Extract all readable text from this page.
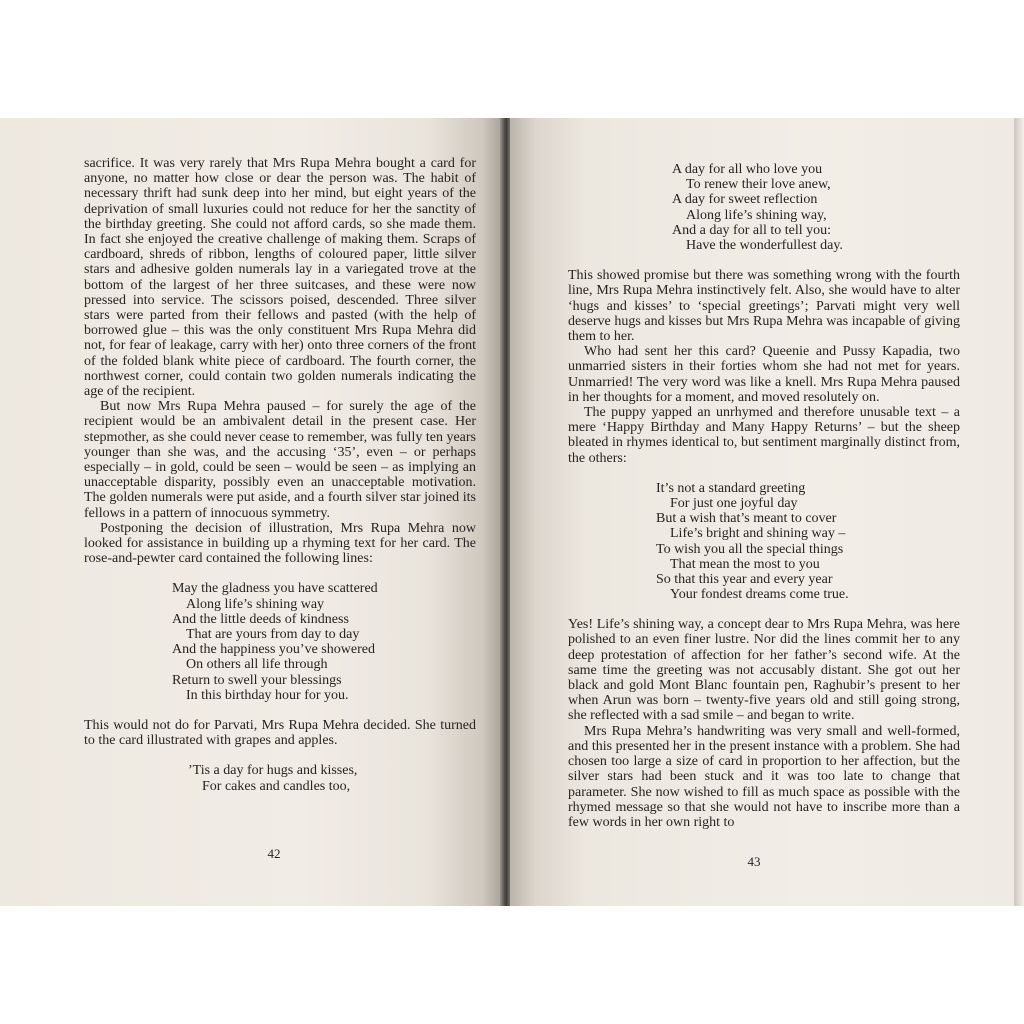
sacrifice. It was very rarely that Mrs Rupa Mehra bought a card for anyone, no matter how close or dear the person was. The habit of necessary thrift had sunk deep into her mind, but eight years of the deprivation of small luxuries could not reduce for her the sanctity of the birthday greeting. She could not afford cards, so she made them. In fact she enjoyed the creative challenge of making them. Scraps of cardboard, shreds of ribbon, lengths of coloured paper, little silver stars and adhesive golden numerals lay in a variegated trove at the bottom of the largest of her three suitcases, and these were now pressed into service. The scissors poised, descended. Three silver stars were parted from their fellows and pasted (with the help of borrowed glue – this was the only constituent Mrs Rupa Mehra did not, for fear of leakage, carry with her) onto three corners of the front of the folded blank white piece of cardboard. The fourth corner, the northwest corner, could contain two golden numerals indicating the age of the recipient.

But now Mrs Rupa Mehra paused – for surely the age of the recipient would be an ambivalent detail in the present case. Her stepmother, as she could never cease to remember, was fully ten years younger than she was, and the accusing ‘35’, even – or perhaps especially – in gold, could be seen – would be seen – as implying an unacceptable disparity, possibly even an unacceptable motivation. The golden numerals were put aside, and a fourth silver star joined its fellows in a pattern of innocuous symmetry.

Postponing the decision of illustration, Mrs Rupa Mehra now looked for assistance in building up a rhyming text for her card. The rose-and-pewter card contained the following lines:

May the gladness you have scattered
Along life’s shining way
And the little deeds of kindness
That are yours from day to day
And the happiness you’ve showered
On others all life through
Return to swell your blessings
In this birthday hour for you.

This would not do for Parvati, Mrs Rupa Mehra decided. She turned to the card illustrated with grapes and apples.

’Tis a day for hugs and kisses,
For cakes and candles too,
42
A day for all who love you
To renew their love anew,
A day for sweet reflection
Along life’s shining way,
And a day for all to tell you:
Have the wonderfullest day.

This showed promise but there was something wrong with the fourth line, Mrs Rupa Mehra instinctively felt. Also, she would have to alter ‘hugs and kisses’ to ‘special greetings’; Parvati might very well deserve hugs and kisses but Mrs Rupa Mehra was incapable of giving them to her.

Who had sent her this card? Queenie and Pussy Kapadia, two unmarried sisters in their forties whom she had not met for years. Unmarried! The very word was like a knell. Mrs Rupa Mehra paused in her thoughts for a moment, and moved resolutely on.

The puppy yapped an unrhymed and therefore unusable text – a mere ‘Happy Birthday and Many Happy Returns’ – but the sheep bleated in rhymes identical to, but sentiment marginally distinct from, the others:

It’s not a standard greeting
For just one joyful day
But a wish that’s meant to cover
Life’s bright and shining way –
To wish you all the special things
That mean the most to you
So that this year and every year
Your fondest dreams come true.

Yes! Life’s shining way, a concept dear to Mrs Rupa Mehra, was here polished to an even finer lustre. Nor did the lines commit her to any deep protestation of affection for her father’s second wife. At the same time the greeting was not accusably distant. She got out her black and gold Mont Blanc fountain pen, Raghubir’s present to her when Arun was born – twenty-five years old and still going strong, she reflected with a sad smile – and began to write.

Mrs Rupa Mehra’s handwriting was very small and well-formed, and this presented her in the present instance with a problem. She had chosen too large a size of card in proportion to her affection, but the silver stars had been stuck and it was too late to change that parameter. She now wished to fill as much space as possible with the rhymed message so that she would not have to inscribe more than a few words in her own right to

43
